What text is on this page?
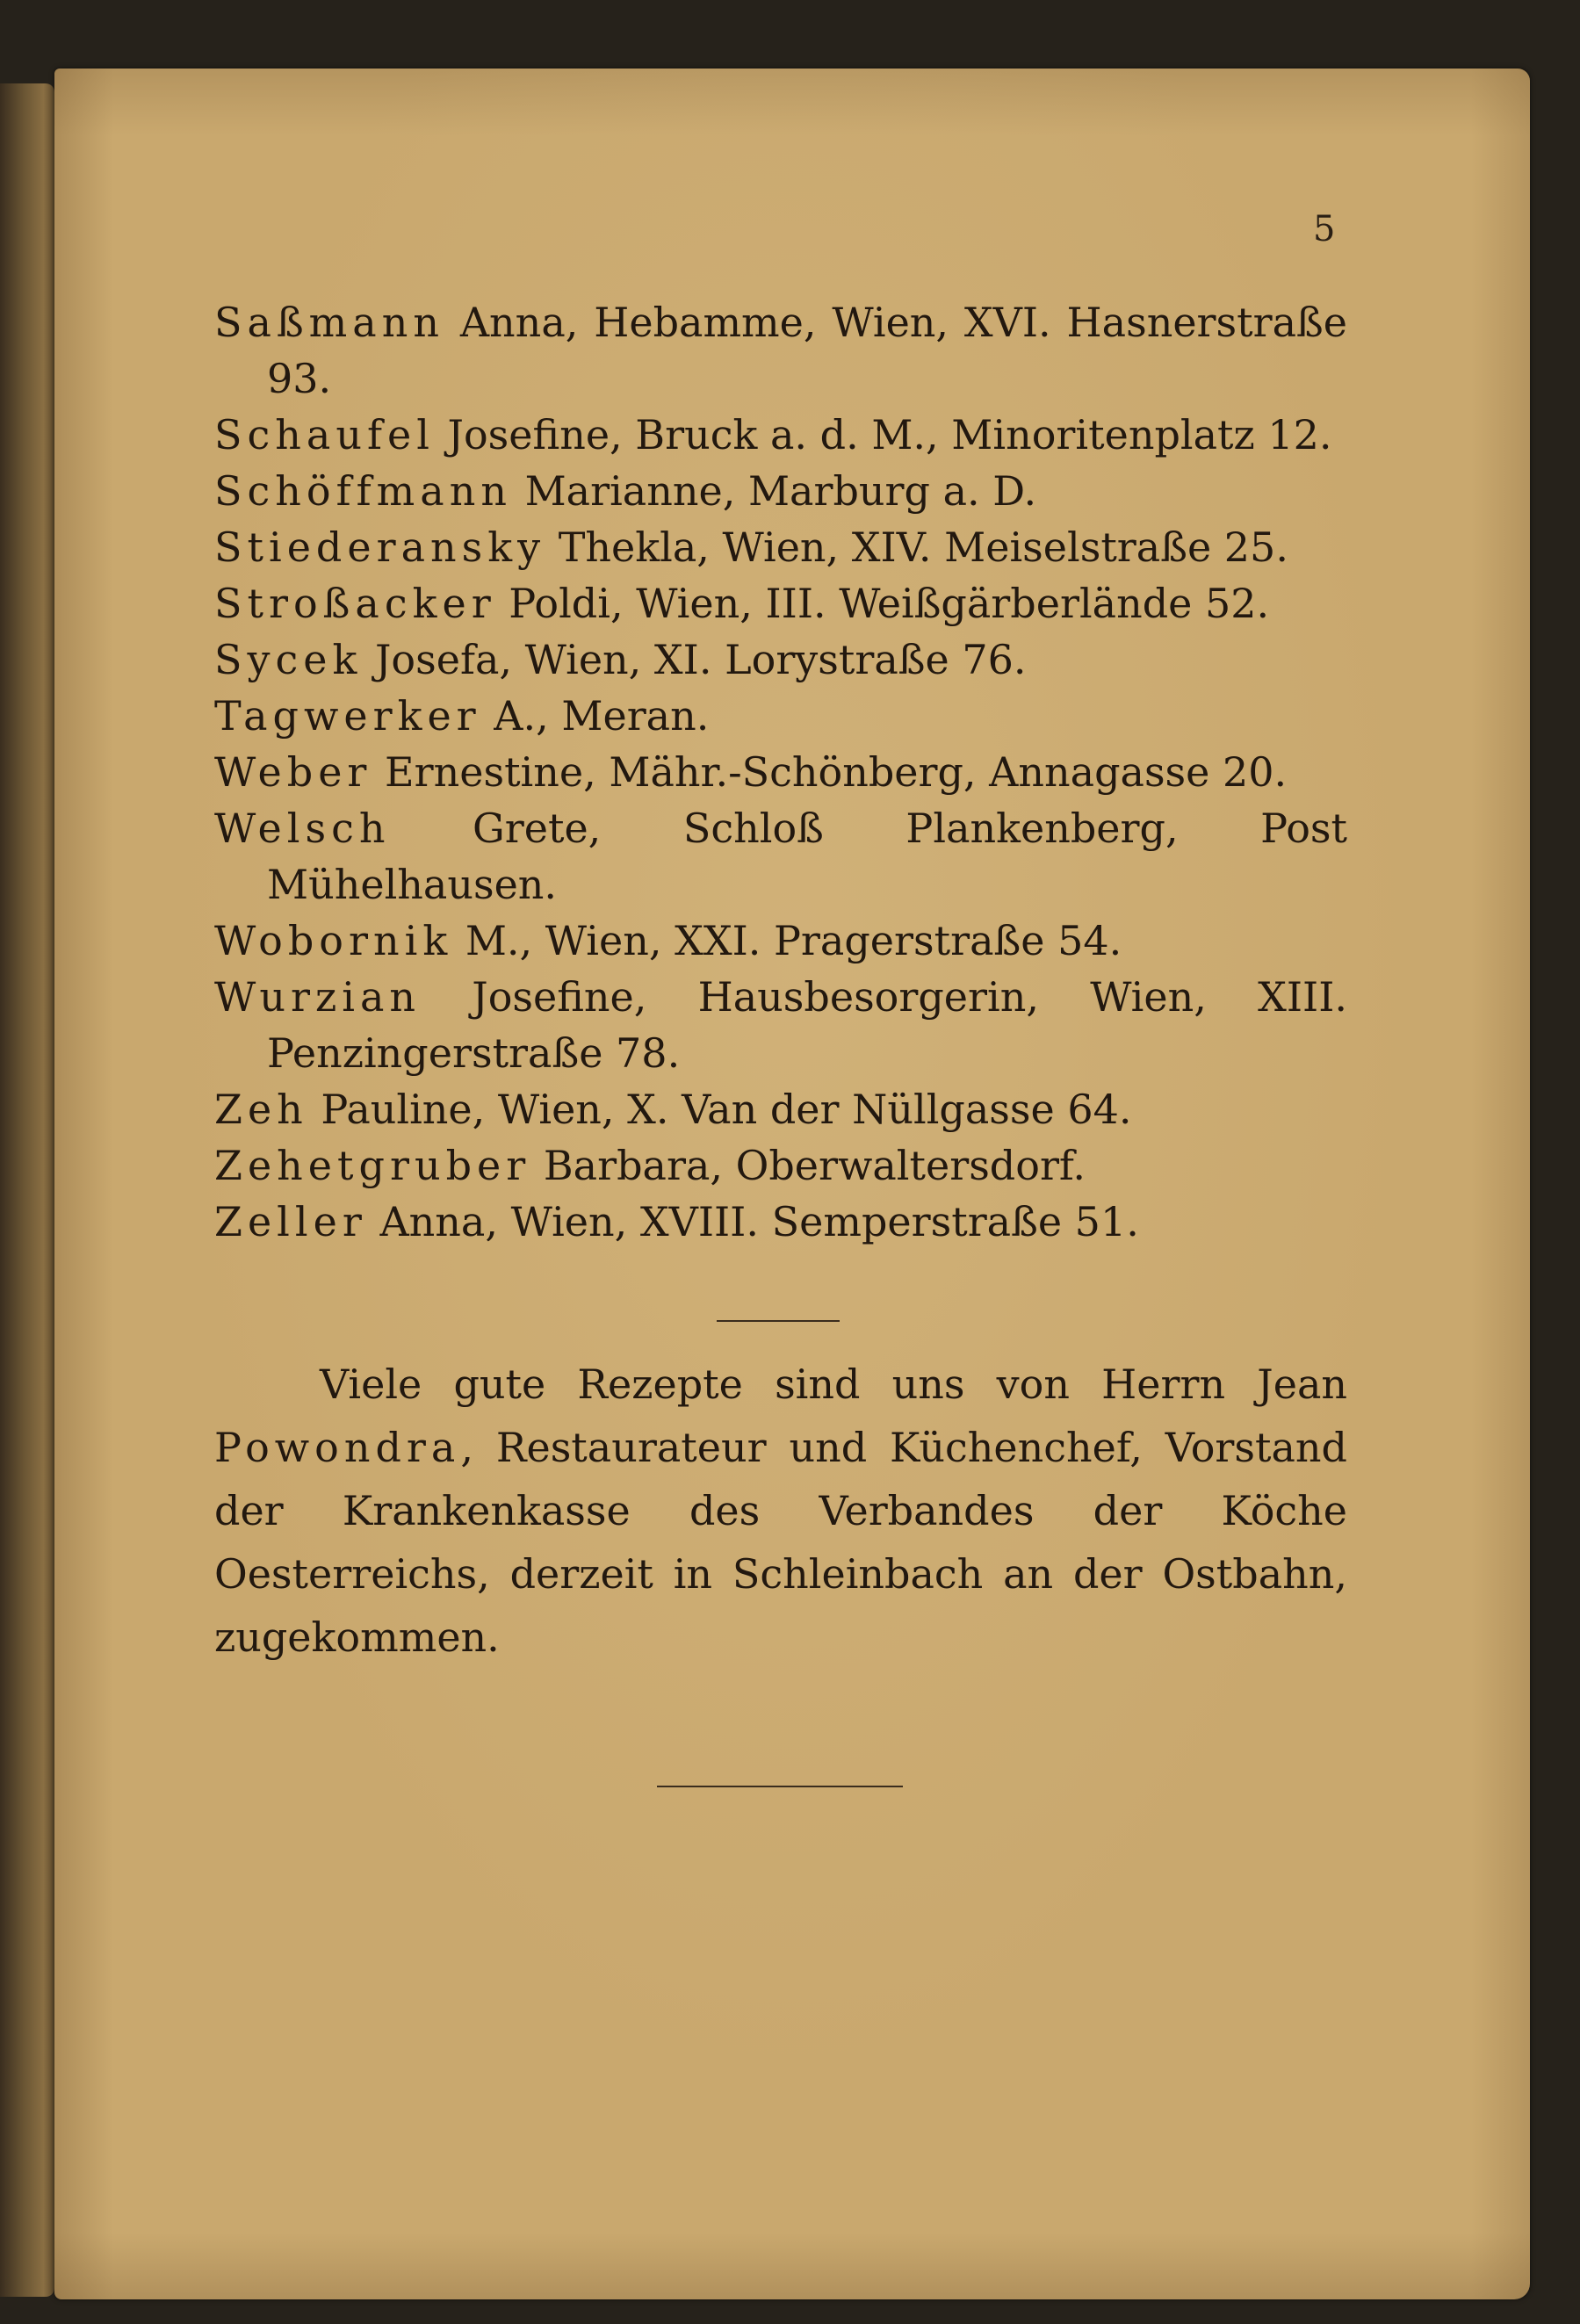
5
Saßmann Anna, Hebamme, Wien, XVI. Hasnerstraße 93.
Schaufel Josefine, Bruck a. d. M., Minoritenplatz 12.
Schöffmann Marianne, Marburg a. D.
Stiederansky Thekla, Wien, XIV. Meiselstraße 25.
Stroßacker Poldi, Wien, III. Weißgärberlände 52.
Sycek Josefa, Wien, XI. Lorystraße 76.
Tagwerker A., Meran.
Weber Ernestine, Mähr.-Schönberg, Annagasse 20.
Welsch Grete, Schloß Plankenberg, Post Mühelhausen.
Wobornik M., Wien, XXI. Pragerstraße 54.
Wurzian Josefine, Hausbesorgerin, Wien, XIII. Penzingerstraße 78.
Zeh Pauline, Wien, X. Van der Nüllgasse 64.
Zehetgruber Barbara, Oberwaltersdorf.
Zeller Anna, Wien, XVIII. Semperstraße 51.

Viele gute Rezepte sind uns von Herrn Jean Powondra, Restaurateur und Küchenchef, Vorstand der Krankenkasse des Verbandes der Köche Oesterreichs, derzeit in Schleinbach an der Ostbahn, zugekommen.
